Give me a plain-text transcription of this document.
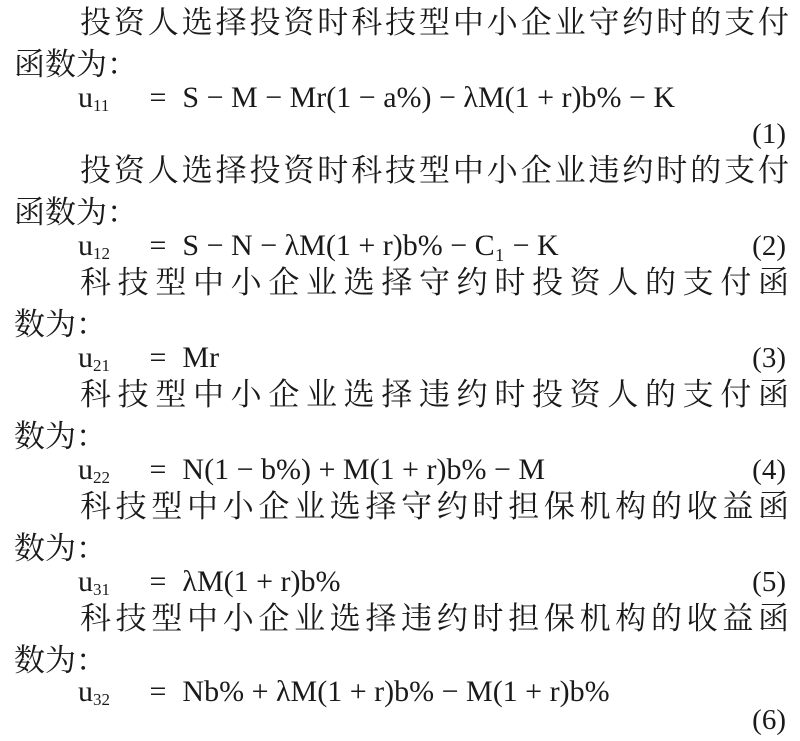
投资人选择投资时科技型中小企业守约时的支付
函数为：
$u_{11} = S - M - Mr(1 - a\%) - \lambda M(1 + r)b\% - K$
(1)
投资人选择投资时科技型中小企业违约时的支付
函数为：
$u_{12} = S - N - \lambda M(1 + r)b\% - C_1 - K$	(2)
科技型中小企业选择守约时投资人的支付函
数为：
$u_{21} = Mr$	(3)
科技型中小企业选择违约时投资人的支付函
数为：
$u_{22} = N(1 - b\%) + M(1 + r)b\% - M$	(4)
科技型中小企业选择守约时担保机构的收益函
数为：
$u_{31} = \lambda M(1 + r)b\%$	(5)
科技型中小企业选择违约时担保机构的收益函
数为：
$u_{32} = Nb\% + \lambda M(1 + r)b\% - M(1 + r)b\%$
(6)
